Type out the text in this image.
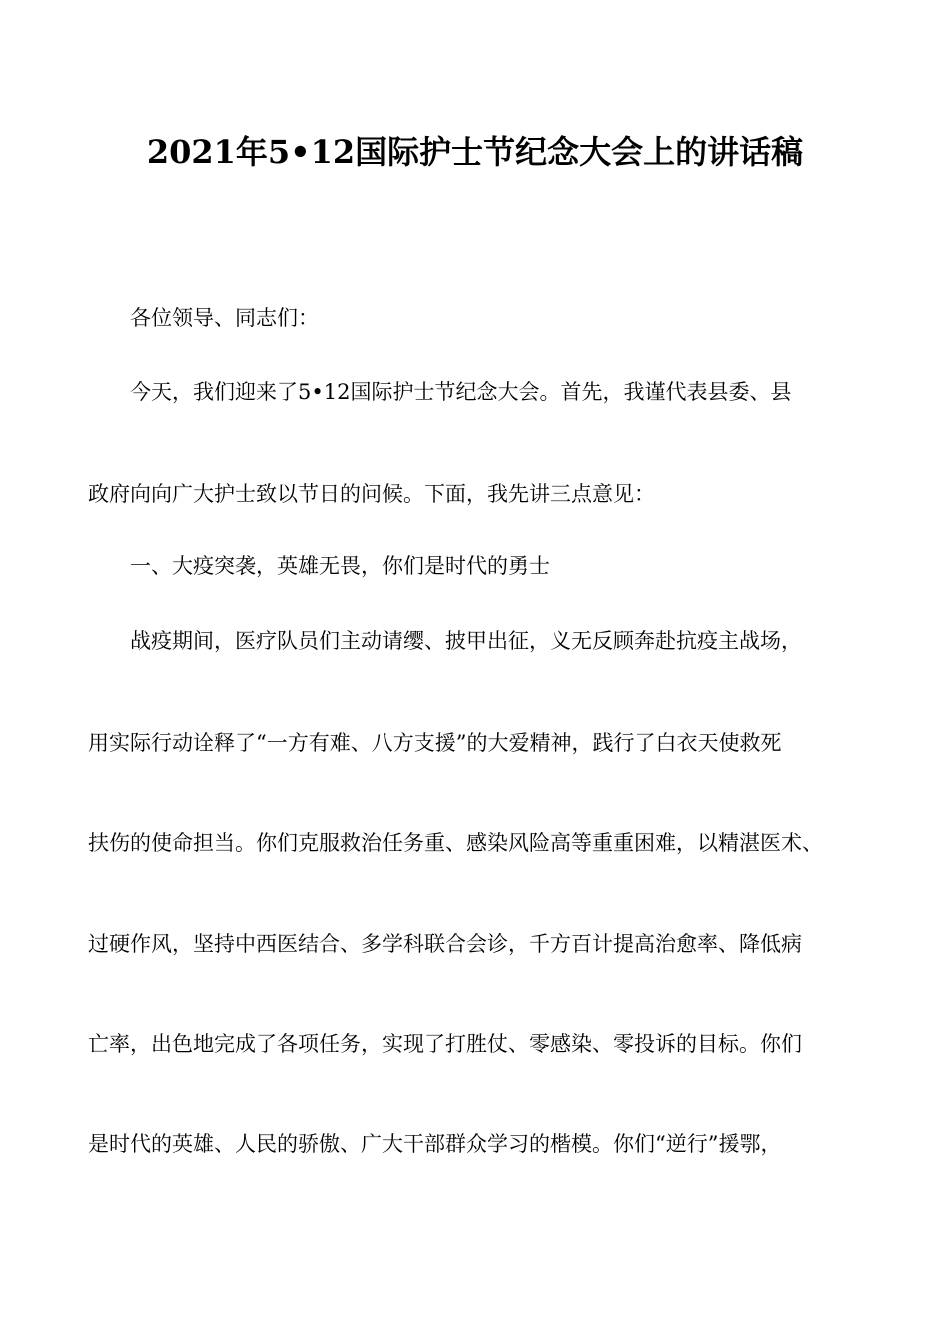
2021年5•12国际护士节纪念大会上的讲话稿
各位领导、同志们：
今天，我们迎来了5•12国际护士节纪念大会。首先，我谨代表县委、县
政府向向广大护士致以节日的问候。下面，我先讲三点意见：
一、大疫突袭，英雄无畏，你们是时代的勇士
战疫期间，医疗队员们主动请缨、披甲出征，义无反顾奔赴抗疫主战场，
用实际行动诠释了“一方有难、八方支援”的大爱精神，践行了白衣天使救死
扶伤的使命担当。你们克服救治任务重、感染风险高等重重困难，以精湛医术、
过硬作风，坚持中西医结合、多学科联合会诊，千方百计提高治愈率、降低病
亡率，出色地完成了各项任务，实现了打胜仗、零感染、零投诉的目标。你们
是时代的英雄、人民的骄傲、广大干部群众学习的楷模。你们“逆行”援鄂，
